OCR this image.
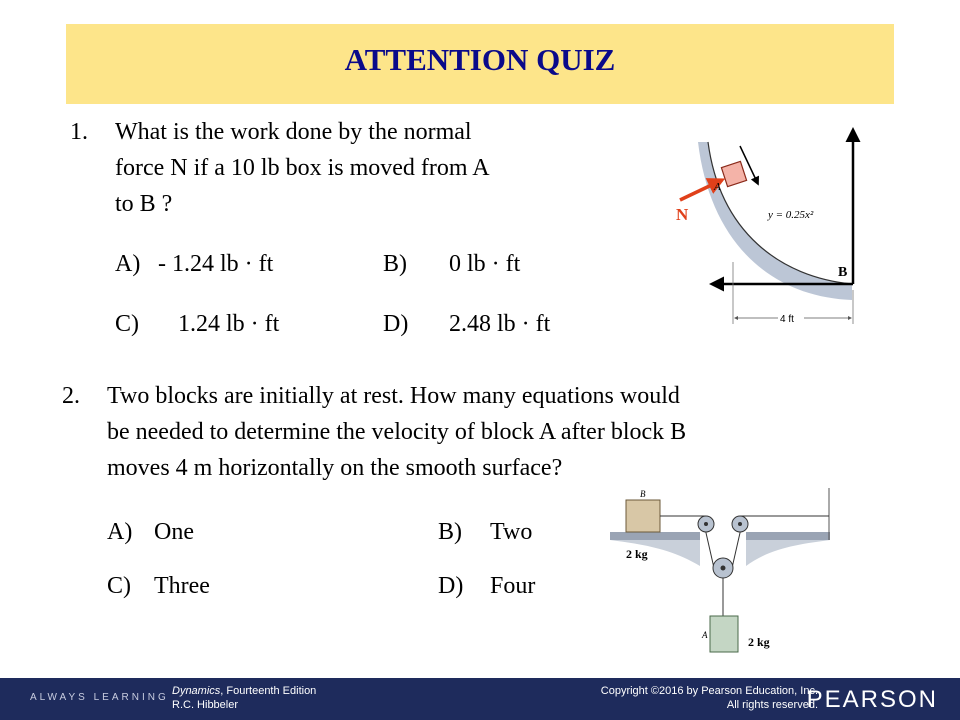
ATTENTION QUIZ
1. What is the work done by the normal
force N if a 10 lb box is moved from A
to B ?
A) - 1.24 lb · ft	B) 0 lb · ft
C) 1.24 lb · ft	D) 2.48 lb · ft
N
A
B
y = 0.25x²
4 ft
2. Two blocks are initially at rest. How many equations would
be needed to determine the velocity of block A after block B
moves 4 m horizontally on the smooth surface?
A) One	B) Two
C) Three	D) Four
B
A
2 kg
2 kg
ALWAYS LEARNING
Dynamics, Fourteenth Edition
R.C. Hibbeler
Copyright ©2016 by Pearson Education, Inc.
All rights reserved.
PEARSON
